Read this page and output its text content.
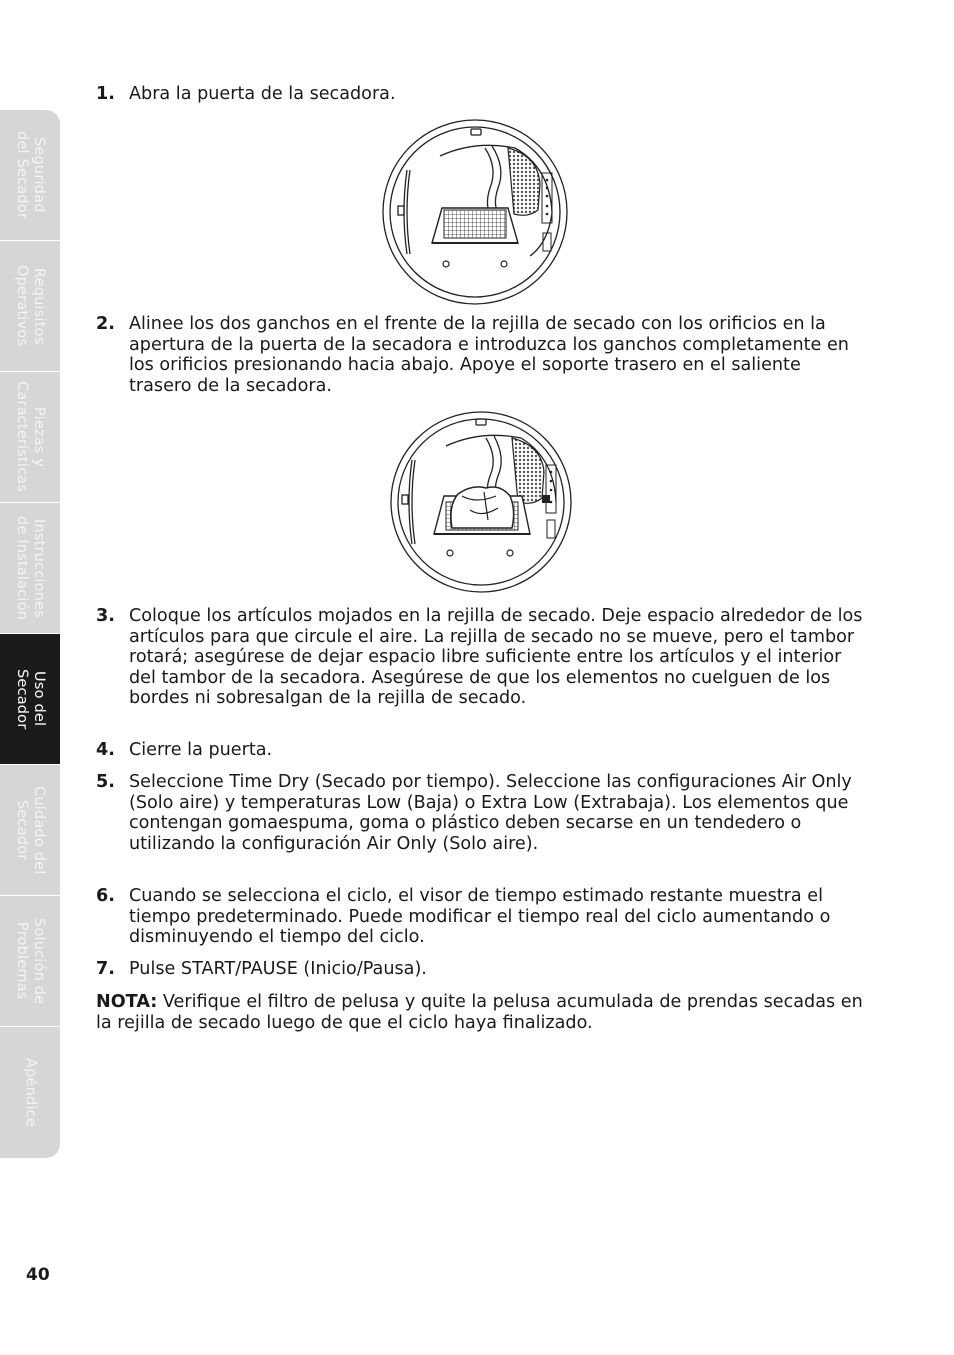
Seguridad
del Secador
Requisitos
Operativos
Piezas y
Características
Instrucciones
de Instalación
Uso del
Secador
Cuidado del
Secador
Solución de
Problemas
Apéndice
1. Abra la puerta de la secadora.
2. Alinee los dos ganchos en el frente de la rejilla de secado con los orificios en la apertura de la puerta de la secadora e introduzca los ganchos completamente en los orificios presionando hacia abajo. Apoye el soporte trasero en el saliente trasero de la secadora.
3. Coloque los artículos mojados en la rejilla de secado. Deje espacio alrededor de los artículos para que circule el aire. La rejilla de secado no se mueve, pero el tambor rotará; asegúrese de dejar espacio libre suficiente entre los artículos y el interior del tambor de la secadora. Asegúrese de que los elementos no cuelguen de los bordes ni sobresalgan de la rejilla de secado.
4. Cierre la puerta.
5. Seleccione Time Dry (Secado por tiempo). Seleccione las configuraciones Air Only (Solo aire) y temperaturas Low (Baja) o Extra Low (Extrabaja). Los elementos que contengan gomaespuma, goma o plástico deben secarse en un tendedero o utilizando la configuración Air Only (Solo aire).
6. Cuando se selecciona el ciclo, el visor de tiempo estimado restante muestra el tiempo predeterminado. Puede modificar el tiempo real del ciclo aumentando o disminuyendo el tiempo del ciclo.
7. Pulse START/PAUSE (Inicio/Pausa).
NOTA: Verifique el filtro de pelusa y quite la pelusa acumulada de prendas secadas en la rejilla de secado luego de que el ciclo haya finalizado.
40
